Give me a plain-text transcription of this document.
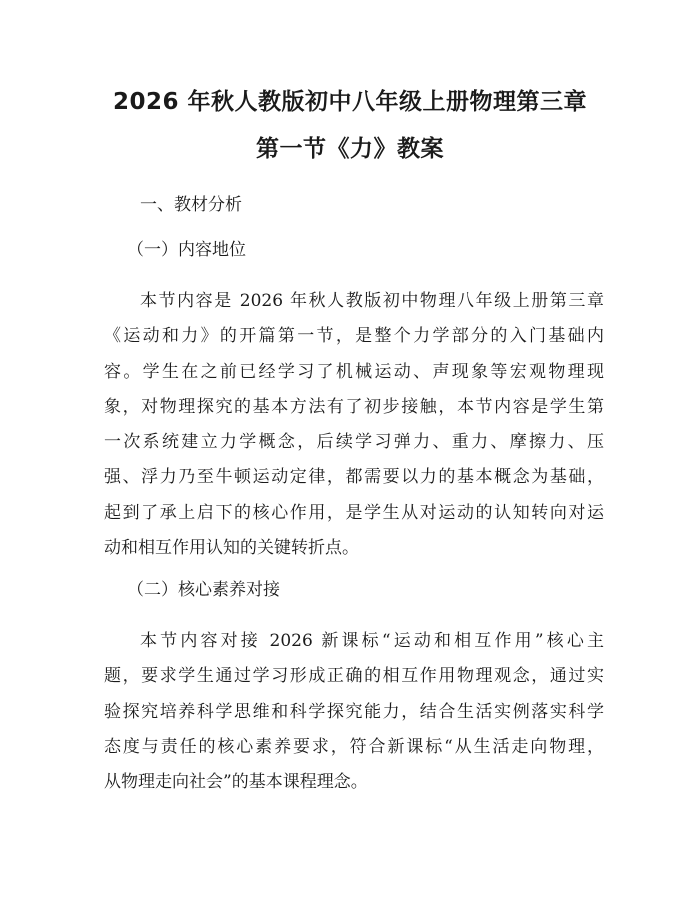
2026 年秋人教版初中八年级上册物理第三章
第一节《力》教案
一、教材分析
（一）内容地位
本节内容是 2026 年秋人教版初中物理八年级上册第三章
《运动和力》的开篇第一节，是整个力学部分的入门基础内
容。学生在之前已经学习了机械运动、声现象等宏观物理现
象，对物理探究的基本方法有了初步接触，本节内容是学生第
一次系统建立力学概念，后续学习弹力、重力、摩擦力、压
强、浮力乃至牛顿运动定律，都需要以力的基本概念为基础，
起到了承上启下的核心作用，是学生从对运动的认知转向对运
动和相互作用认知的关键转折点。
（二）核心素养对接
本节内容对接 2026 新课标“运动和相互作用”核心主
题，要求学生通过学习形成正确的相互作用物理观念，通过实
验探究培养科学思维和科学探究能力，结合生活实例落实科学
态度与责任的核心素养要求，符合新课标“从生活走向物理，
从物理走向社会”的基本课程理念。
